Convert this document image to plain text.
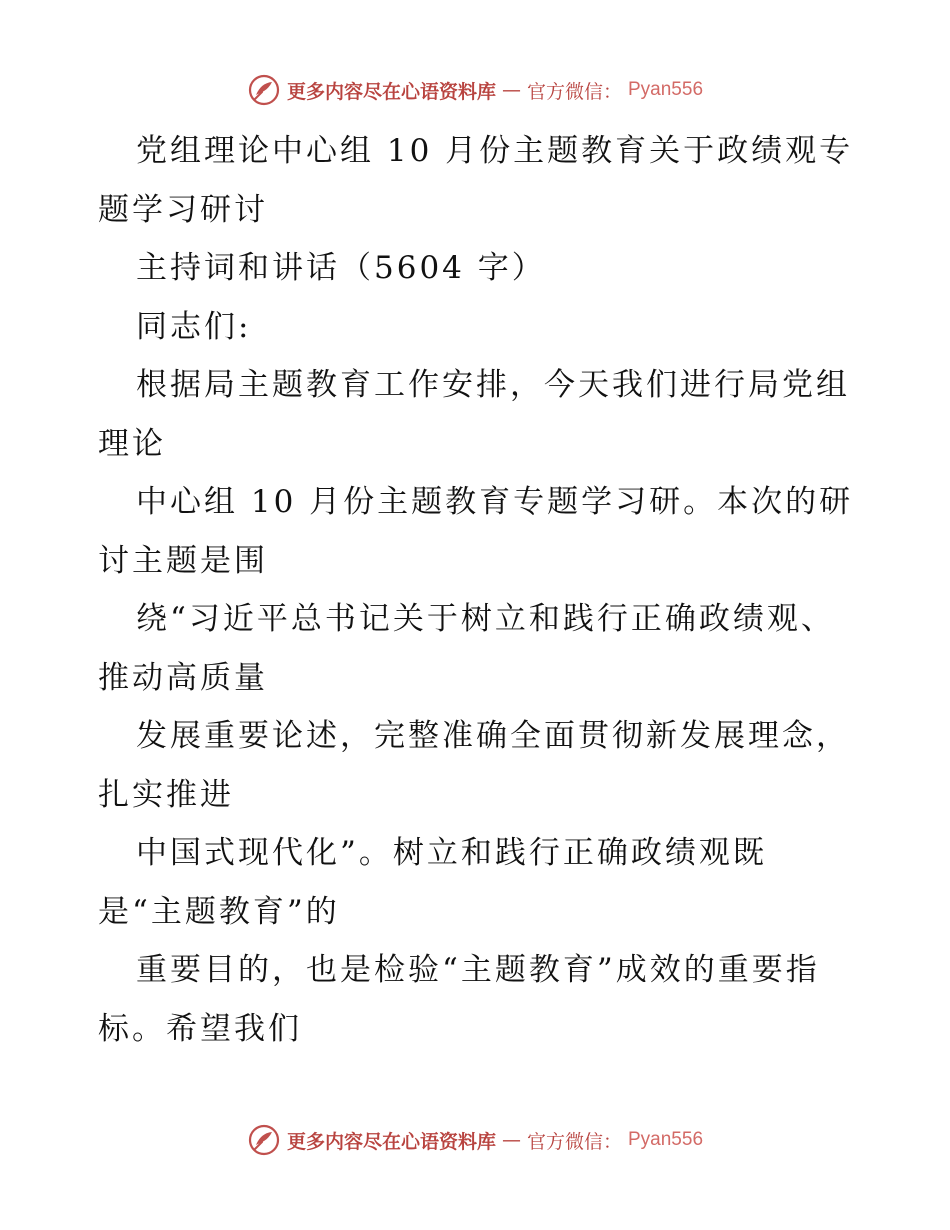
更多内容尽在心语资料库 — 官方微信： Pyan556
党组理论中心组 10 月份主题教育关于政绩观专
题学习研讨
主持词和讲话（5604 字）
同志们:
根据局主题教育工作安排，今天我们进行局党组
理论
中心组 10 月份主题教育专题学习研。本次的研
讨主题是围
绕“习近平总书记关于树立和践行正确政绩观、
推动高质量
发展重要论述，完整准确全面贯彻新发展理念，
扎实推进
中国式现代化”。树立和践行正确政绩观既
是“主题教育”的
重要目的，也是检验“主题教育”成效的重要指
标。希望我们
更多内容尽在心语资料库 — 官方微信： Pyan556
